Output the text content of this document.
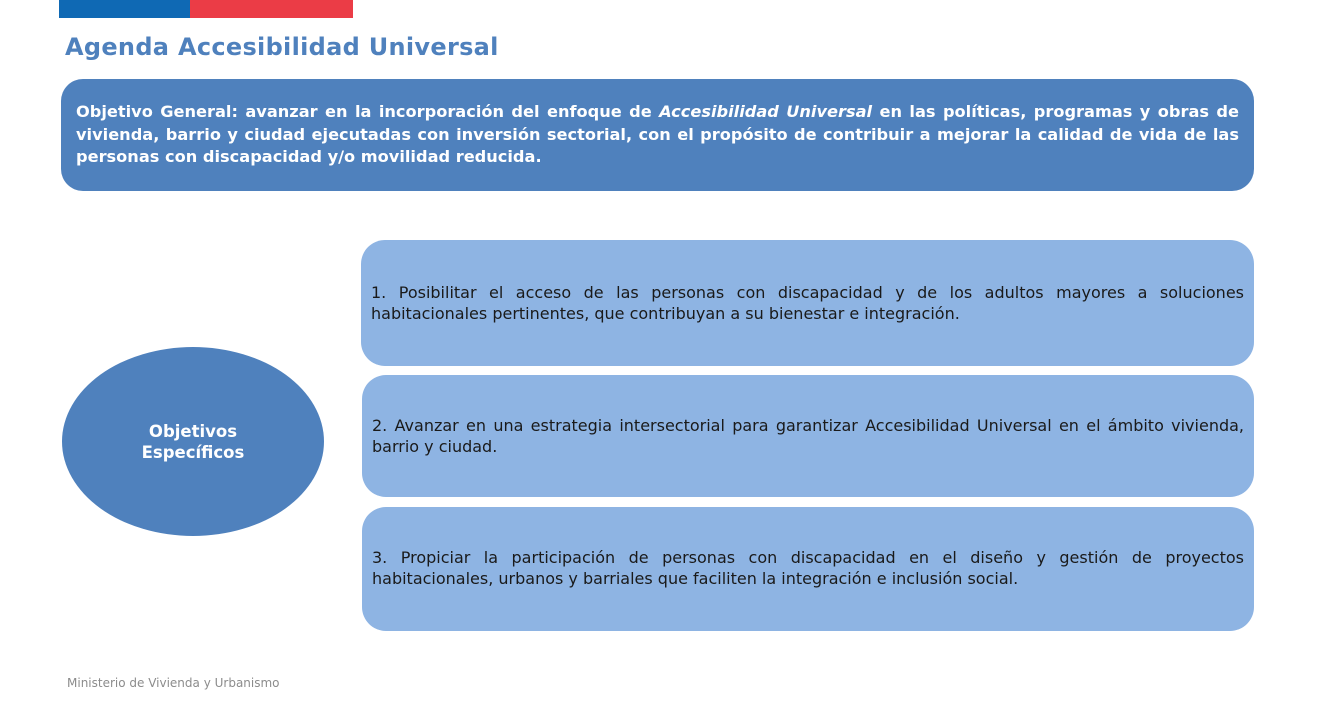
Agenda Accesibilidad Universal
Objetivo General: avanzar en la incorporación del enfoque de Accesibilidad Universal en las políticas, programas y obras de vivienda, barrio y ciudad ejecutadas con inversión sectorial, con el propósito de contribuir a mejorar la calidad de vida de las personas con discapacidad y/o movilidad reducida.
Objetivos Específicos
1. Posibilitar el acceso de las personas con discapacidad y de los adultos mayores a soluciones habitacionales pertinentes, que contribuyan a su bienestar e integración.
2. Avanzar en una estrategia intersectorial para garantizar Accesibilidad Universal en el ámbito vivienda, barrio y ciudad.
3. Propiciar la participación de personas con discapacidad en el diseño y gestión de proyectos habitacionales, urbanos y barriales que faciliten la integración e inclusión social.

Ministerio de Vivienda y Urbanismo
